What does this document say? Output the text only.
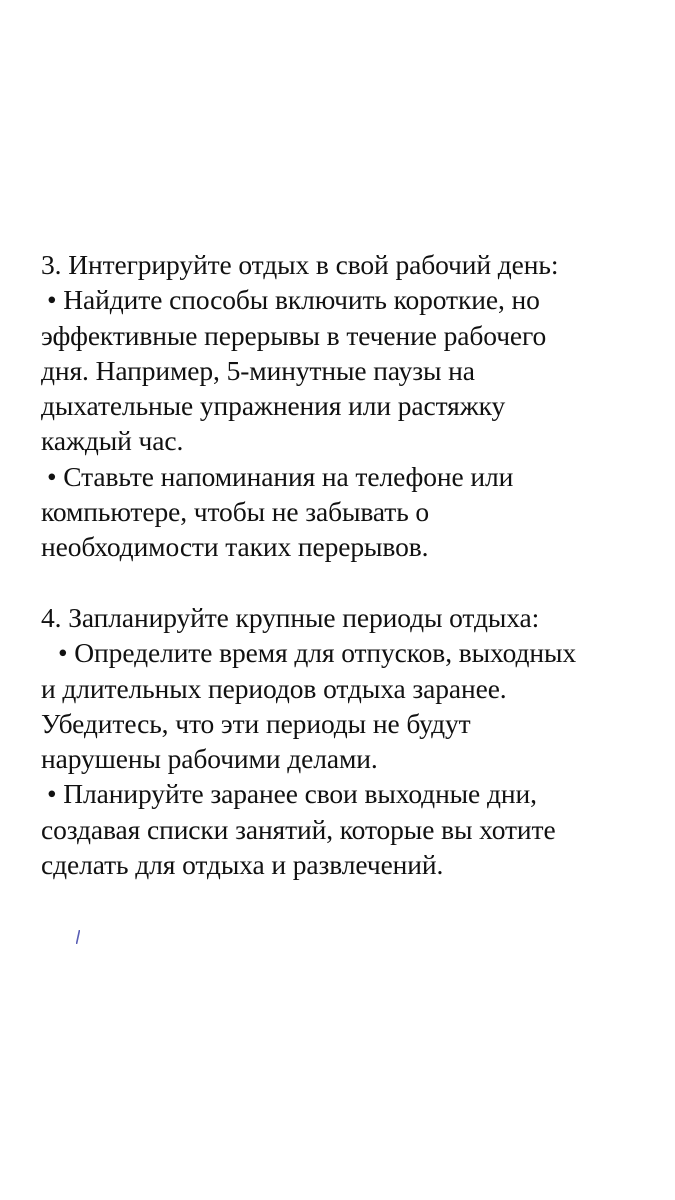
3. Интегрируйте отдых в свой рабочий день:
• Найдите способы включить короткие, но
эффективные перерывы в течение рабочего
дня. Например, 5-минутные паузы на
дыхательные упражнения или растяжку
каждый час.
• Ставьте напоминания на телефоне или
компьютере, чтобы не забывать о
необходимости таких перерывов.
4. Запланируйте крупные периоды отдыха:
• Определите время для отпусков, выходных
и длительных периодов отдыха заранее.
Убедитесь, что эти периоды не будут
нарушены рабочими делами.
• Планируйте заранее свои выходные дни,
создавая списки занятий, которые вы хотите
сделать для отдыха и развлечений.
